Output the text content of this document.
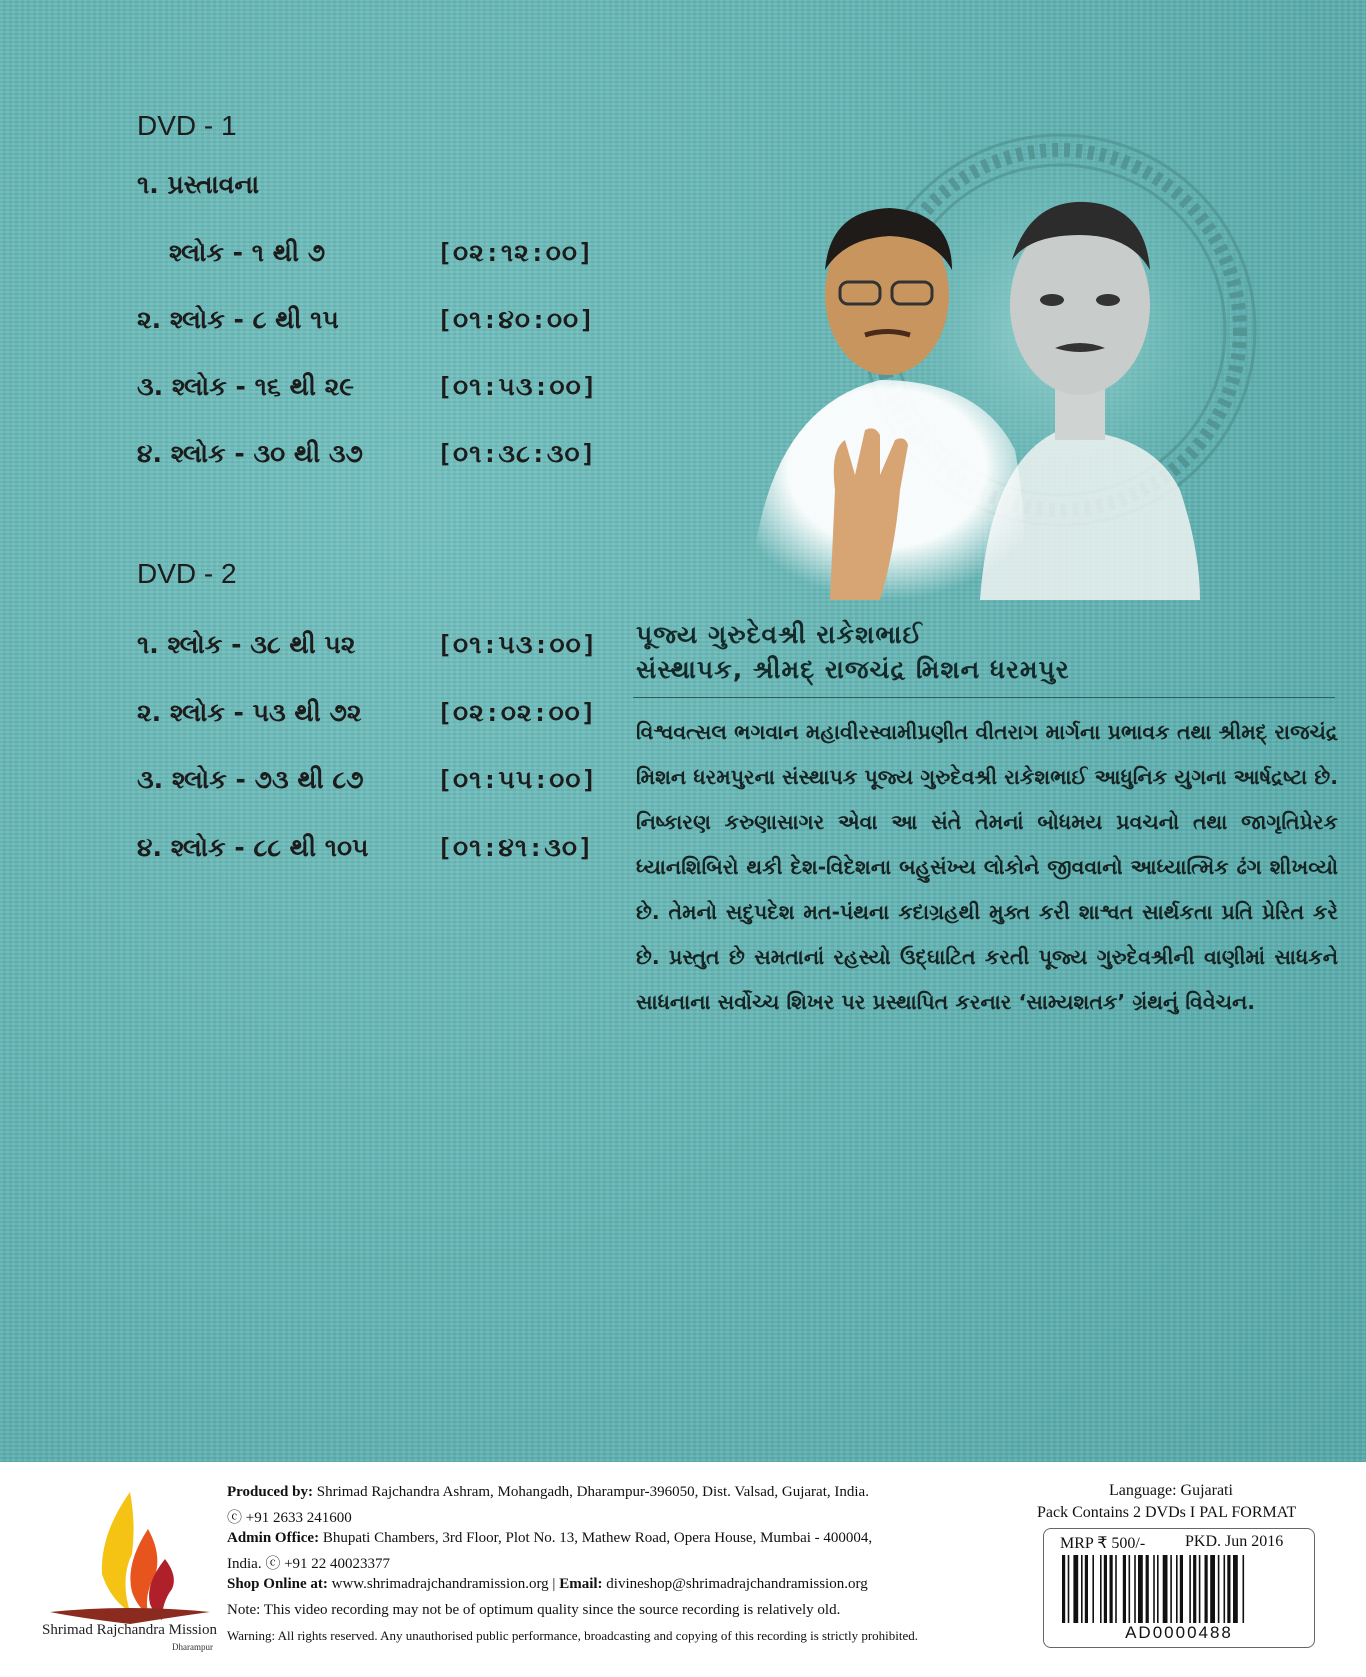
DVD - 1
૧. પ્રસ્તાવના
શ્લોક - ૧ થી ૭	[૦૨:૧૨:૦૦]
૨. શ્લોક - ૮ થી ૧૫	[૦૧:૪૦:૦૦]
૩. શ્લોક - ૧૬ થી ૨૯	[૦૧:૫૩:૦૦]
૪. શ્લોક - ૩૦ થી ૩૭	[૦૧:૩૮:૩૦]
DVD - 2
૧. શ્લોક - ૩૮ થી ૫૨	[૦૧:૫૩:૦૦]
૨. શ્લોક - ૫૩ થી ૭૨	[૦૨:૦૨:૦૦]
૩. શ્લોક - ૭૩ થી ૮૭	[૦૧:૫૫:૦૦]
૪. શ્લોક - ૮૮ થી ૧૦૫	[૦૧:૪૧:૩૦]
પૂજ્ય ગુરુદેવશ્રી રાકેશભાઈ
સંસ્થાપક, શ્રીમદ્ રાજચંદ્ર મિશન ધરમપુર

વિશ્વવત્સલ ભગવાન મહાવીરસ્વામીપ્રણીત વીતરાગ માર્ગના પ્રભાવક તથા શ્રીમદ્ રાજચંદ્ર મિશન ધરમપુરના સંસ્થાપક પૂજ્ય ગુરુદેવશ્રી રાકેશભાઈ આધુનિક યુગના આર્ષદ્રષ્ટા છે. નિષ્કારણ કરુણાસાગર એવા આ સંતે તેમનાં બોધમય પ્રવચનો તથા જાગૃતિપ્રેરક ધ્યાનશિબિરો થકી દેશ-વિદેશના બહુસંખ્ય લોકોને જીવવાનો આધ્યાત્મિક ઢંગ શીખવ્યો છે. તેમનો સદુપદેશ મત-પંથના કદાગ્રહથી મુક્ત કરી શાશ્વત સાર્થકતા પ્રતિ પ્રેરિત કરે છે. પ્રસ્તુત છે સમતાનાં રહસ્યો ઉદ્ઘાટિત કરતી પૂજ્ય ગુરુદેવશ્રીની વાણીમાં સાધકને સાધનાના સર્વોચ્ચ શિખર પર પ્રસ્થાપિત કરનાર ‘સામ્યશતક’ ગ્રંથનું વિવેચન.

Shrimad Rajchandra Mission
Dharampur
Produced by: Shrimad Rajchandra Ashram, Mohangadh, Dharampur-396050, Dist. Valsad, Gujarat, India.
ⓒ +91 2633 241600
Admin Office: Bhupati Chambers, 3rd Floor, Plot No. 13, Mathew Road, Opera House, Mumbai - 400004,
India. ⓒ +91 22 40023377
Shop Online at: www.shrimadrajchandramission.org | Email: divineshop@shrimadrajchandramission.org
Note: This video recording may not be of optimum quality since the source recording is relatively old.
Warning: All rights reserved. Any unauthorised public performance, broadcasting and copying of this recording is strictly prohibited.
Language: Gujarati
Pack Contains 2 DVDs I PAL FORMAT
MRP ₹ 500/- PKD. Jun 2016
AD0000488
